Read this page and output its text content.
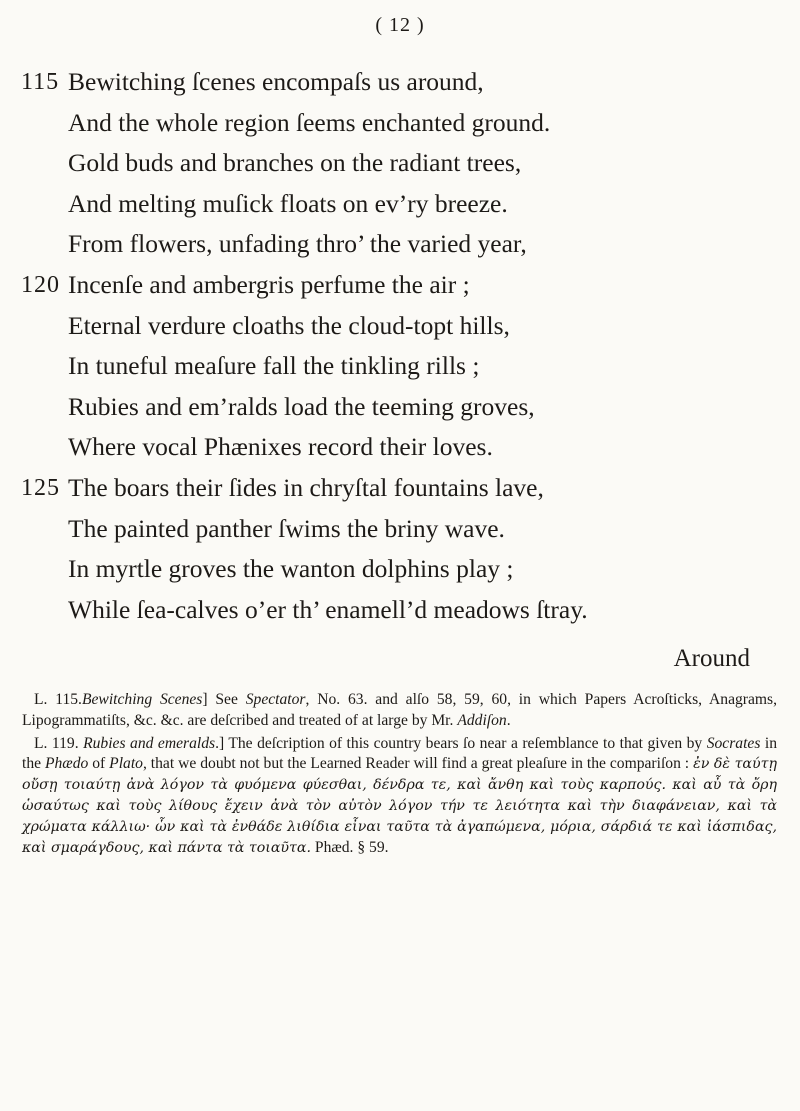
( 12 )
115 Bewitching ſcenes encompaſs us around,
And the whole region ſeems enchanted ground.
Gold buds and branches on the radiant trees,
And melting muſick floats on ev’ry breeze.
From flowers, unfading thro’ the varied year,
120 Incenſe and ambergris perfume the air ;
Eternal verdure cloaths the cloud-topt hills,
In tuneful meaſure fall the tinkling rills ;
Rubies and em’ralds load the teeming groves,
Where vocal Phænixes record their loves.
125 The boars their ſides in chryſtal fountains lave,
The painted panther ſwims the briny wave.
In myrtle groves the wanton dolphins play ;
While ſea-calves o’er th’ enamell’d meadows ſtray.
Around

L. 115.Bewitching Scenes] See Spectator, No. 63. and alſo 58, 59, 60, in which Papers Acroſticks, Anagrams, Lipogrammatiſts, &c. &c. are deſcribed and treated of at large by Mr. Addiſon.

L. 119. Rubies and emeralds.] The deſcription of this country bears ſo near a reſemblance to that given by Socrates in the Phædo of Plato, that we doubt not but the Learned Reader will find a great pleaſure in the compariſon : ἐν δὲ ταύτῃ οὔσῃ τοιαύτῃ ἀνὰ λόγον τὰ φυόμενα φύεσθαι, δένδρα τε, καὶ ἄνθη καὶ τοὺς καρπούς. καὶ αὖ τὰ ὄρη ὡσαύτως καὶ τοὺς λίθους ἔχειν ἀνὰ τὸν αὐτὸν λόγον τήν τε λειότητα καὶ τὴν διαφάνειαν, καὶ τὰ χρώματα κάλλιω· ὧν καὶ τὰ ἐνθάδε λιθίδια εἶναι ταῦτα τὰ ἀγαπώμενα, μόρια, σάρδιά τε καὶ ἰάσπιδας, καὶ σμαράγδους, καὶ πάντα τὰ τοιαῦτα. Phæd. § 59.
